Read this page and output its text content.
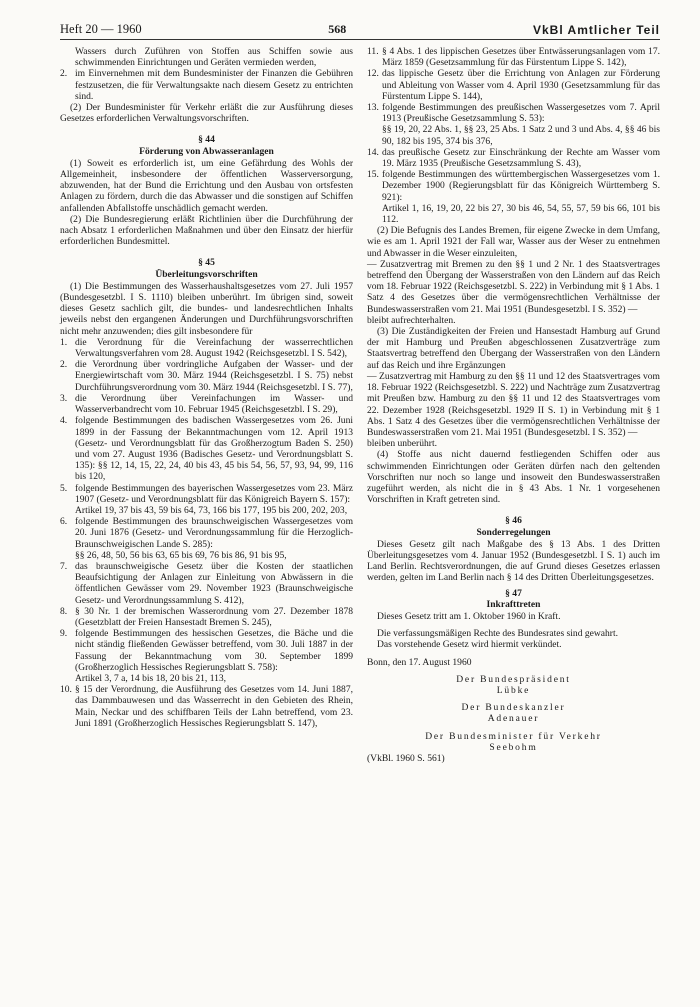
Heft 20 — 1960	568	VkBl Amtlicher Teil

Wassers durch Zuführen von Stoffen aus Schiffen sowie aus schwimmenden Einrichtungen und Geräten vermieden werden,

2. im Einvernehmen mit dem Bundesminister der Finanzen die Gebühren festzusetzen, die für Verwaltungsakte nach diesem Gesetz zu entrichten sind.

(2) Der Bundesminister für Verkehr erläßt die zur Ausführung dieses Gesetzes erforderlichen Verwaltungsvorschriften.

§ 44
Förderung von Abwasseranlagen

(1) Soweit es erforderlich ist, um eine Gefährdung des Wohls der Allgemeinheit, insbesondere der öffentlichen Wasserversorgung, abzuwenden, hat der Bund die Errichtung und den Ausbau von ortsfesten Anlagen zu fördern, durch die das Abwasser und die sonstigen auf Schiffen anfallenden Abfallstoffe unschädlich gemacht werden.

(2) Die Bundesregierung erläßt Richtlinien über die Durchführung der nach Absatz 1 erforderlichen Maßnahmen und über den Einsatz der hierfür erforderlichen Bundesmittel.

§ 45
Überleitungsvorschriften

(1) Die Bestimmungen des Wasserhaushaltsgesetzes vom 27. Juli 1957 (Bundesgesetzbl. I S. 1110) bleiben unberührt. Im übrigen sind, soweit dieses Gesetz sachlich gilt, die bundes- und landesrechtlichen Inhalts jeweils nebst den ergangenen Änderungen und Durchführungsvorschriften nicht mehr anzuwenden; dies gilt insbesondere für

1. die Verordnung für die Vereinfachung der wasserrechtlichen Verwaltungsverfahren vom 28. August 1942 (Reichsgesetzbl. I S. 542),
2. die Verordnung über vordringliche Aufgaben der Wasser- und der Energiewirtschaft vom 30. März 1944 (Reichsgesetzbl. I S. 75) nebst Durchführungsverordnung vom 30. März 1944 (Reichsgesetzbl. I S. 77),
3. die Verordnung über Vereinfachungen im Wasser- und Wasserverbandrecht vom 10. Februar 1945 (Reichsgesetzbl. I S. 29),
4. folgende Bestimmungen des badischen Wassergesetzes vom 26. Juni 1899 in der Fassung der Bekanntmachungen vom 12. April 1913 (Gesetz- und Verordnungsblatt für das Großherzogtum Baden S. 250) und vom 27. August 1936 (Badisches Gesetz- und Verordnungsblatt S. 135): §§ 12, 14, 15, 22, 24, 40 bis 43, 45 bis 54, 56, 57, 93, 94, 99, 116 bis 120,
5. folgende Bestimmungen des bayerischen Wassergesetzes vom 23. März 1907 (Gesetz- und Verordnungsblatt für das Königreich Bayern S. 157):

Artikel 19, 37 bis 43, 59 bis 64, 73, 166 bis 177, 195 bis 200, 202, 203,

6. folgende Bestimmungen des braunschweigischen Wassergesetzes vom 20. Juni 1876 (Gesetz- und Verordnungssammlung für die Herzoglich-Braunschweigischen Lande S. 285):

§§ 26, 48, 50, 56 bis 63, 65 bis 69, 76 bis 86, 91 bis 95,

7. das braunschweigische Gesetz über die Kosten der staatlichen Beaufsichtigung der Anlagen zur Einleitung von Abwässern in die öffentlichen Gewässer vom 29. November 1923 (Braunschweigische Gesetz- und Verordnungssammlung S. 412),
8. § 30 Nr. 1 der bremischen Wasserordnung vom 27. Dezember 1878 (Gesetzblatt der Freien Hansestadt Bremen S. 245),
9. folgende Bestimmungen des hessischen Gesetzes, die Bäche und die nicht ständig fließenden Gewässer betreffend, vom 30. Juli 1887 in der Fassung der Bekanntmachung vom 30. September 1899 (Großherzoglich Hessisches Regierungsblatt S. 758):

Artikel 3, 7 a, 14 bis 18, 20 bis 21, 113,

10. § 15 der Verordnung, die Ausführung des Gesetzes vom 14. Juni 1887, das Dammbauwesen und das Wasserrecht in den Gebieten des Rhein, Main, Neckar und des schiffbaren Teils der Lahn betreffend, vom 23. Juni 1891 (Großherzoglich Hessisches Regierungsblatt S. 147),
11. § 4 Abs. 1 des lippischen Gesetzes über Entwässerungsanlagen vom 17. März 1859 (Gesetzsammlung für das Fürstentum Lippe S. 142),
12. das lippische Gesetz über die Errichtung von Anlagen zur Förderung und Ableitung von Wasser vom 4. April 1930 (Gesetzsammlung für das Fürstentum Lippe S. 144),
13. folgende Bestimmungen des preußischen Wassergesetzes vom 7. April 1913 (Preußische Gesetzsammlung S. 53):

§§ 19, 20, 22 Abs. 1, §§ 23, 25 Abs. 1 Satz 2 und 3 und Abs. 4, §§ 46 bis 90, 182 bis 195, 374 bis 376,

14. das preußische Gesetz zur Einschränkung der Rechte am Wasser vom 19. März 1935 (Preußische Gesetzsammlung S. 43),
15. folgende Bestimmungen des württembergischen Wassergesetzes vom 1. Dezember 1900 (Regierungsblatt für das Königreich Württemberg S. 921):

Artikel 1, 16, 19, 20, 22 bis 27, 30 bis 46, 54, 55, 57, 59 bis 66, 101 bis 112.

(2) Die Befugnis des Landes Bremen, für eigene Zwecke in dem Umfang, wie es am 1. April 1921 der Fall war, Wasser aus der Weser zu entnehmen und Abwasser in die Weser einzuleiten,

— Zusatzvertrag mit Bremen zu den §§ 1 und 2 Nr. 1 des Staatsvertrages betreffend den Übergang der Wasserstraßen von den Ländern auf das Reich vom 18. Februar 1922 (Reichsgesetzbl. S. 222) in Verbindung mit § 1 Abs. 1 Satz 4 des Gesetzes über die vermögensrechtlichen Verhältnisse der Bundeswasserstraßen vom 21. Mai 1951 (Bundesgesetzbl. I S. 352) —

bleibt aufrechterhalten.

(3) Die Zuständigkeiten der Freien und Hansestadt Hamburg auf Grund der mit Hamburg und Preußen abgeschlossenen Zusatzverträge zum Staatsvertrag betreffend den Übergang der Wasserstraßen von den Ländern auf das Reich und ihre Ergänzungen

— Zusatzvertrag mit Hamburg zu den §§ 11 und 12 des Staatsvertrages vom 18. Februar 1922 (Reichsgesetzbl. S. 222) und Nachträge zum Zusatzvertrag mit Preußen bzw. Hamburg zu den §§ 11 und 12 des Staatsvertrages vom 22. Dezember 1928 (Reichsgesetzbl. 1929 II S. 1) in Verbindung mit § 1 Abs. 1 Satz 4 des Gesetzes über die vermögensrechtlichen Verhältnisse der Bundeswasserstraßen vom 21. Mai 1951 (Bundesgesetzbl. I S. 352) —

bleiben unberührt.

(4) Stoffe aus nicht dauernd festliegenden Schiffen oder aus schwimmenden Einrichtungen oder Geräten dürfen nach den geltenden Vorschriften nur noch so lange und insoweit den Bundeswasserstraßen zugeführt werden, als nicht die in § 43 Abs. 1 Nr. 1 vorgesehenen Vorschriften in Kraft getreten sind.

§ 46
Sonderregelungen

Dieses Gesetz gilt nach Maßgabe des § 13 Abs. 1 des Dritten Überleitungsgesetzes vom 4. Januar 1952 (Bundesgesetzbl. I S. 1) auch im Land Berlin. Rechtsverordnungen, die auf Grund dieses Gesetzes erlassen werden, gelten im Land Berlin nach § 14 des Dritten Überleitungsgesetzes.

§ 47
Inkrafttreten

Dieses Gesetz tritt am 1. Oktober 1960 in Kraft.

Die verfassungsmäßigen Rechte des Bundesrates sind gewahrt.

Das vorstehende Gesetz wird hiermit verkündet.

Bonn, den 17. August 1960

Der Bundespräsident
Lübke
Der Bundeskanzler
Adenauer
Der Bundesminister für Verkehr
Seebohm

(VkBl. 1960 S. 561)
